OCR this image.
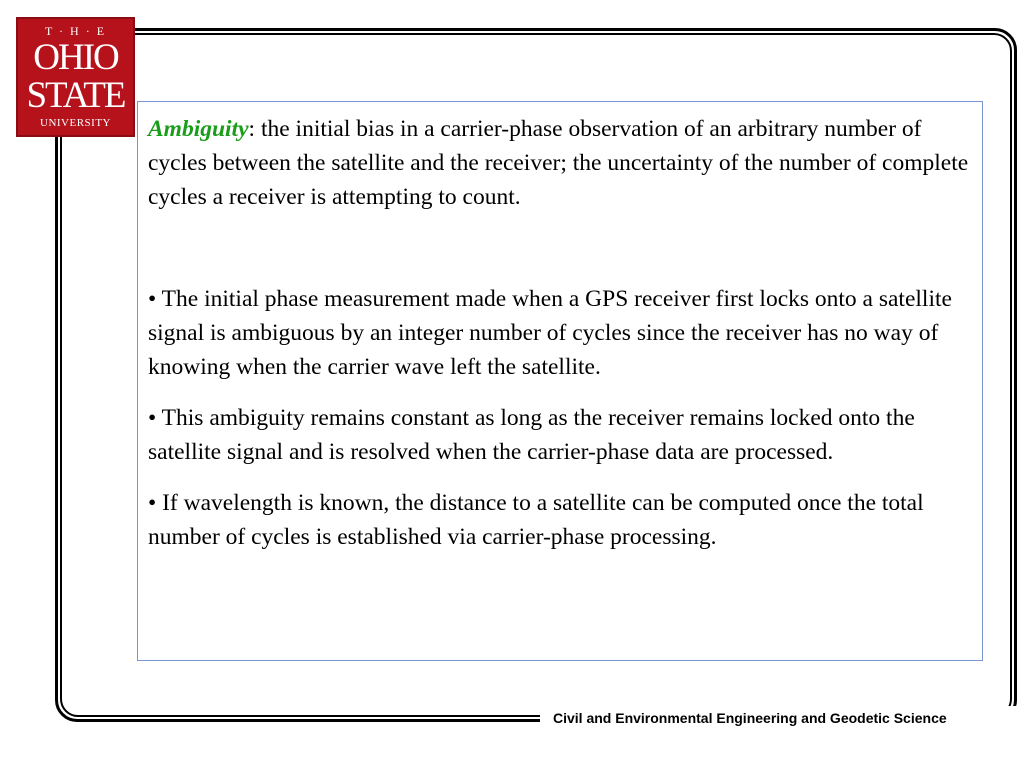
T · H · E
OHIO
STATE
UNIVERSITY	Ambiguity: the initial bias in a carrier-phase observation of an arbitrary number of cycles between the satellite and the receiver; the uncertainty of the number of complete cycles a receiver is attempting to count.

• The initial phase measurement made when a GPS receiver first locks onto a satellite signal is ambiguous by an integer number of cycles since the receiver has no way of knowing when the carrier wave left the satellite.

• This ambiguity remains constant as long as the receiver remains locked onto the satellite signal and is resolved when the carrier-phase data are processed.

• If wavelength is known, the distance to a satellite can be computed once the total number of cycles is established via carrier-phase processing.

Civil and Environmental Engineering and Geodetic Science
